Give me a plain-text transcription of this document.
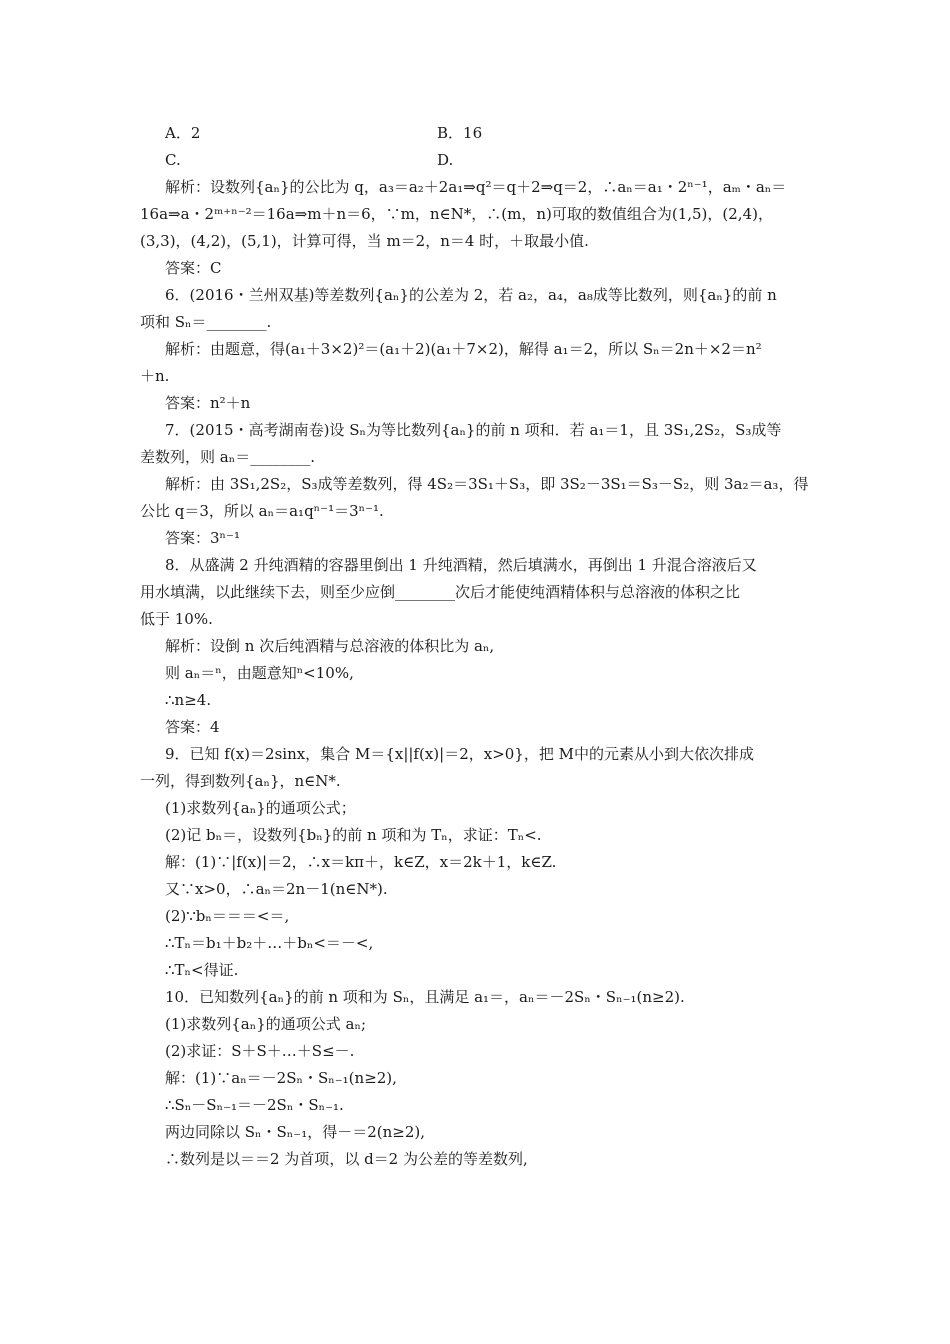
A．2	B．16
C.	D.
解析：设数列{aₙ}的公比为 q，a₃＝a₂＋2a₁⇒q²＝q＋2⇒q＝2，∴aₙ＝a₁・2ⁿ⁻¹，aₘ・aₙ＝
16a⇒a・2ᵐ⁺ⁿ⁻²＝16a⇒m＋n＝6，∵m，n∈N*，∴(m，n)可取的数值组合为(1,5)，(2,4)，
(3,3)，(4,2)，(5,1)，计算可得，当 m＝2，n＝4 时，＋取最小值.
答案：C
6．(2016・兰州双基)等差数列{aₙ}的公差为 2，若 a₂，a₄，a₈成等比数列，则{aₙ}的前 n
项和 Sₙ＝________.
解析：由题意，得(a₁＋3×2)²＝(a₁＋2)(a₁＋7×2)，解得 a₁＝2，所以 Sₙ＝2n＋×2＝n²
＋n.
答案：n²＋n
7．(2015・高考湖南卷)设 Sₙ为等比数列{aₙ}的前 n 项和．若 a₁＝1，且 3S₁,2S₂，S₃成等
差数列，则 aₙ＝________.
解析：由 3S₁,2S₂，S₃成等差数列，得 4S₂＝3S₁＋S₃，即 3S₂－3S₁＝S₃－S₂，则 3a₂＝a₃，得
公比 q＝3，所以 aₙ＝a₁qⁿ⁻¹＝3ⁿ⁻¹.
答案：3ⁿ⁻¹
8．从盛满 2 升纯酒精的容器里倒出 1 升纯酒精，然后填满水，再倒出 1 升混合溶液后又
用水填满，以此继续下去，则至少应倒________次后才能使纯酒精体积与总溶液的体积之比
低于 10%.
解析：设倒 n 次后纯酒精与总溶液的体积比为 aₙ,
则 aₙ＝ⁿ，由题意知ⁿ<10%,
∴n≥4.
答案：4
9．已知 f(x)＝2sinx，集合 M＝{x||f(x)|＝2，x>0}，把 M中的元素从小到大依次排成
一列，得到数列{aₙ}，n∈N*.
(1)求数列{aₙ}的通项公式；
(2)记 bₙ＝，设数列{bₙ}的前 n 项和为 Tₙ，求证：Tₙ<.
解：(1)∵|f(x)|＝2，∴x＝kπ＋，k∈Z，x＝2k＋1，k∈Z.
又∵x>0，∴aₙ＝2n－1(n∈N*).
(2)∵bₙ＝＝＝<＝,
∴Tₙ＝b₁＋b₂＋…＋bₙ<＝－<,
∴Tₙ<得证.
10．已知数列{aₙ}的前 n 项和为 Sₙ，且满足 a₁＝，aₙ＝－2Sₙ・Sₙ₋₁(n≥2).
(1)求数列{aₙ}的通项公式 aₙ;
(2)求证：S＋S＋…＋S≤－.
解：(1)∵aₙ＝－2Sₙ・Sₙ₋₁(n≥2),
∴Sₙ－Sₙ₋₁＝－2Sₙ・Sₙ₋₁.
两边同除以 Sₙ・Sₙ₋₁，得－＝2(n≥2),
∴数列是以＝＝2 为首项，以 d＝2 为公差的等差数列,
